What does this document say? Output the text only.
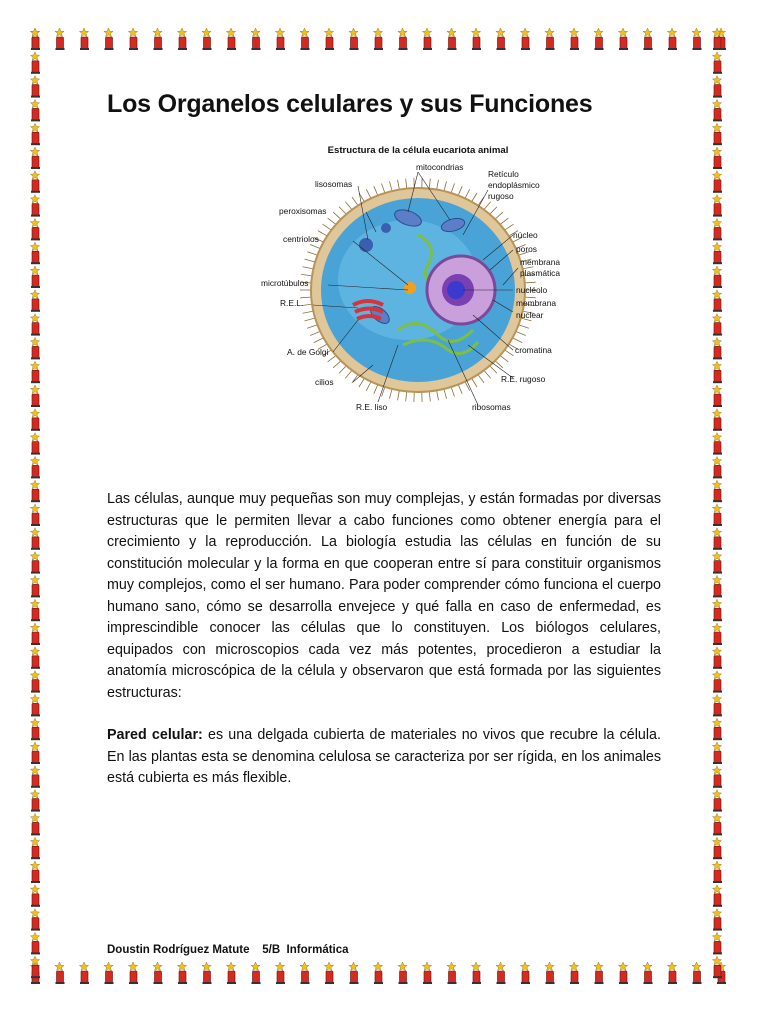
Los Organelos celulares y sus Funciones
Estructura de la célula eucariota animal
mitocondrias
Retículo
endoplásmico
rugoso
lisosomas
peroxisomas
centriolos
microtúbulos
R.E.L.
A. de Golgi
cilios
R.E. liso	ribosomas
R.E. rugoso
cromatina
membrana
nuclear
nucléolo
membrana
plasmática
poros
núcleo

Las células, aunque muy pequeñas son muy complejas, y están formadas por diversas estructuras que le permiten llevar a cabo funciones como obtener energía para el crecimiento y la reproducción. La biología estudia las células en función de su constitución molecular y la forma en que cooperan entre sí para constituir organismos muy complejos, como el ser humano. Para poder comprender cómo funciona el cuerpo humano sano, cómo se desarrolla envejece y qué falla en caso de enfermedad, es imprescindible conocer las células que lo constituyen. Los biólogos celulares, equipados con microscopios cada vez más potentes, procedieron a estudiar la anatomía microscópica de la célula y observaron que está formada por las siguientes estructuras:

Pared celular: es una delgada cubierta de materiales no vivos que recubre la célula. En las plantas esta se denomina celulosa se caracteriza por ser rígida, en los animales está cubierta es más flexible.

Doustin Rodríguez Matute 5/B Informática
